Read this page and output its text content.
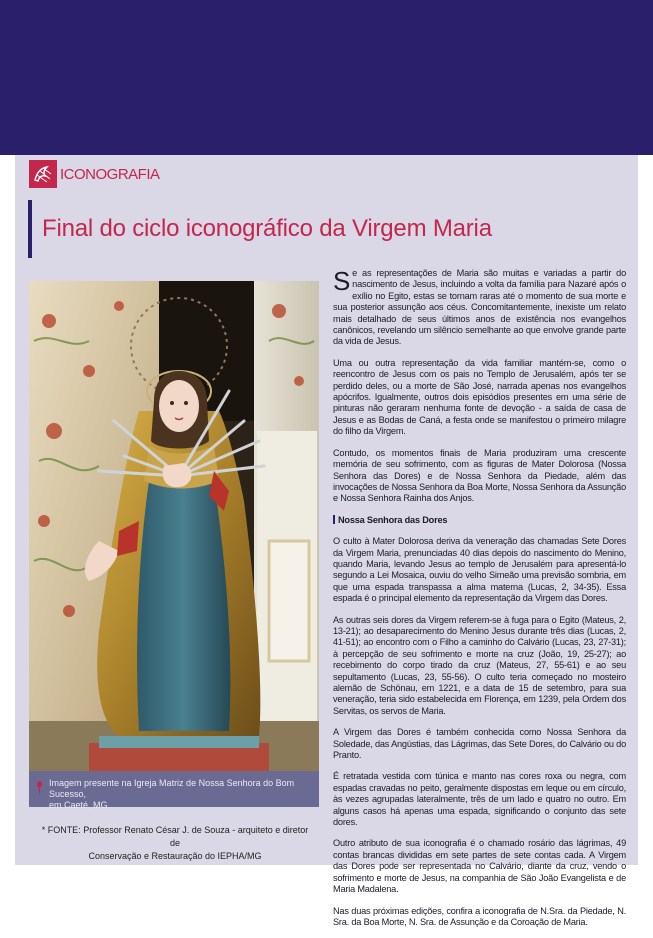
ICONOGRAFIA
Final do ciclo iconográfico da Virgem Maria
Imagem presente na Igreja Matriz de Nossa Senhora do Bom Sucesso,
em Caeté, MG
* FONTE: Professor Renato César J. de Souza - arquiteto e diretor de
Conservação e Restauração do IEPHA/MG

Se as representações de Maria são muitas e variadas a partir do nascimento de Jesus, incluindo a volta da família para Nazaré após o exílio no Egito, estas se tornam raras até o momento de sua morte e sua posterior assunção aos céus. Concomitantemente, inexiste um relato mais detalhado de seus últimos anos de existência nos evangelhos canônicos, revelando um silêncio semelhante ao que envolve grande parte da vida de Jesus.

Uma ou outra representação da vida familiar mantém-se, como o reencontro de Jesus com os pais no Templo de Jerusalém, após ter se perdido deles, ou a morte de São José, narrada apenas nos evangelhos apócrifos. Igualmente, outros dois episódios presentes em uma série de pinturas não geraram nenhuma fonte de devoção - a saída de casa de Jesus e as Bodas de Caná, a festa onde se manifestou o primeiro milagre do filho da Virgem.

Contudo, os momentos finais de Maria produziram uma crescente memória de seu sofrimento, com as figuras de Mater Dolorosa (Nossa Senhora das Dores) e de Nossa Senhora da Piedade, além das invocações de Nossa Senhora da Boa Morte, Nossa Senhora da Assunção e Nossa Senhora Rainha dos Anjos.

Nossa Senhora das Dores

O culto à Mater Dolorosa deriva da veneração das chamadas Sete Dores da Virgem Maria, prenunciadas 40 dias depois do nascimento do Menino, quando Maria, levando Jesus ao templo de Jerusalém para apresentá-lo segundo a Lei Mosaica, ouviu do velho Simeão uma previsão sombria, em que uma espada transpassa a alma materna (Lucas, 2, 34-35). Essa espada é o principal elemento da representação da Virgem das Dores.

As outras seis dores da Virgem referem-se à fuga para o Egito (Mateus, 2, 13-21); ao desaparecimento do Menino Jesus durante três dias (Lucas, 2, 41-51); ao encontro com o Filho a caminho do Calvário (Lucas, 23, 27-31); à percepção de seu sofrimento e morte na cruz (João, 19, 25-27); ao recebimento do corpo tirado da cruz (Mateus, 27, 55-61) e ao seu sepultamento (Lucas, 23, 55-56). O culto teria começado no mosteiro alemão de Schönau, em 1221, e a data de 15 de setembro, para sua veneração, teria sido estabelecida em Florença, em 1239, pela Ordem dos Servitas, os servos de Maria.

A Virgem das Dores é também conhecida como Nossa Senhora da Soledade, das Angústias, das Lágrimas, das Sete Dores, do Calvário ou do Pranto.

É retratada vestida com túnica e manto nas cores roxa ou negra, com espadas cravadas no peito, geralmente dispostas em leque ou em círculo, às vezes agrupadas lateralmente, três de um lado e quatro no outro. Em alguns casos há apenas uma espada, significando o conjunto das sete dores.

Outro atributo de sua iconografia é o chamado rosário das lágrimas, 49 contas brancas divididas em sete partes de sete contas cada. A Virgem das Dores pode ser representada no Calvário, diante da cruz, vendo o sofrimento e morte de Jesus, na companhia de São João Evangelista e de Maria Madalena.

Nas duas próximas edições, confira a iconografia de N.Sra. da Piedade, N. Sra. da Boa Morte, N. Sra. de Assunção e da Coroação de Maria.
